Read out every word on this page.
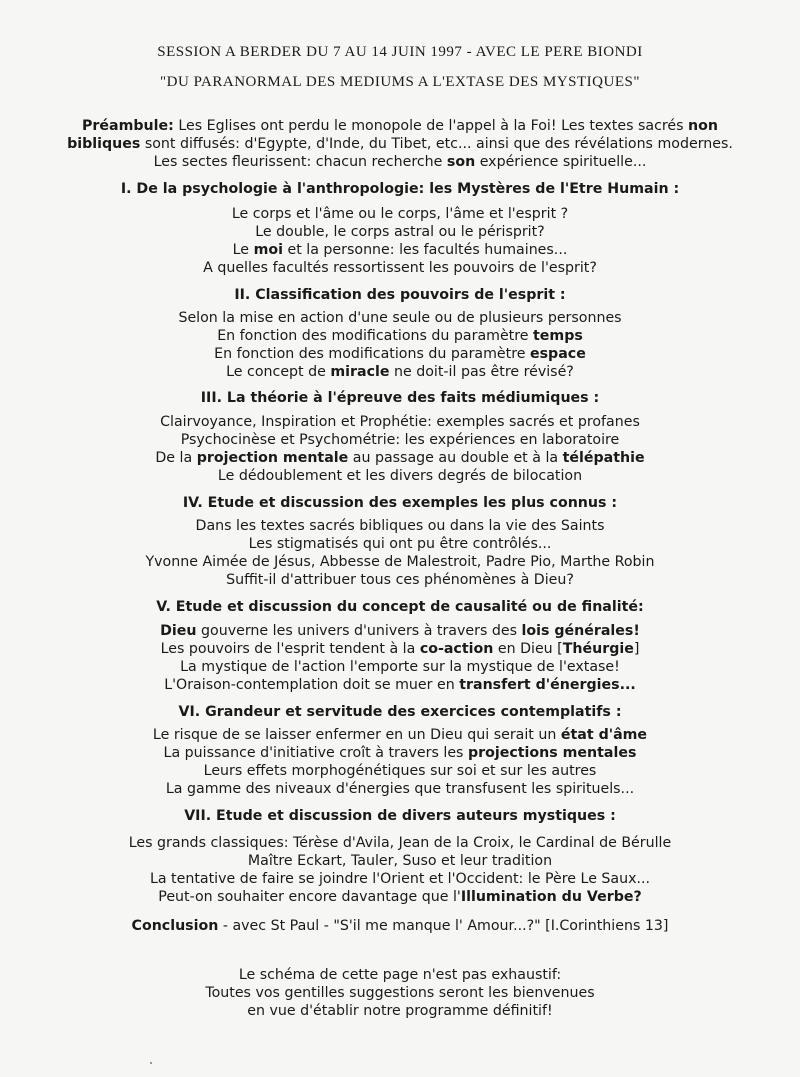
SESSION A BERDER DU 7 AU 14 JUIN 1997 - AVEC LE PERE BIONDI
"DU PARANORMAL DES MEDIUMS A L'EXTASE DES MYSTIQUES"
Préambule: Les Eglises ont perdu le monopole de l'appel à la Foi! Les textes sacrés non
bibliques sont diffusés: d'Egypte, d'Inde, du Tibet, etc... ainsi que des révélations modernes.
Les sectes fleurissent: chacun recherche son expérience spirituelle...
I. De la psychologie à l'anthropologie: les Mystères de l'Etre Humain :
Le corps et l'âme ou le corps, l'âme et l'esprit ?
Le double, le corps astral ou le périsprit?
Le moi et la personne: les facultés humaines...
A quelles facultés ressortissent les pouvoirs de l'esprit?
II. Classification des pouvoirs de l'esprit :
Selon la mise en action d'une seule ou de plusieurs personnes
En fonction des modifications du paramètre temps
En fonction des modifications du paramètre espace
Le concept de miracle ne doit-il pas être révisé?
III. La théorie à l'épreuve des faits médiumiques :
Clairvoyance, Inspiration et Prophétie: exemples sacrés et profanes
Psychocinèse et Psychométrie: les expériences en laboratoire
De la projection mentale au passage au double et à la télépathie
Le dédoublement et les divers degrés de bilocation
IV. Etude et discussion des exemples les plus connus :
Dans les textes sacrés bibliques ou dans la vie des Saints
Les stigmatisés qui ont pu être contrôlés...
Yvonne Aimée de Jésus, Abbesse de Malestroit, Padre Pio, Marthe Robin
Suffit-il d'attribuer tous ces phénomènes à Dieu?
V. Etude et discussion du concept de causalité ou de finalité:
Dieu gouverne les univers d'univers à travers des lois générales!
Les pouvoirs de l'esprit tendent à la co-action en Dieu [Théurgie]
La mystique de l'action l'emporte sur la mystique de l'extase!
L'Oraison-contemplation doit se muer en transfert d'énergies...
VI. Grandeur et servitude des exercices contemplatifs :
Le risque de se laisser enfermer en un Dieu qui serait un état d'âme
La puissance d'initiative croît à travers les projections mentales
Leurs effets morphogénétiques sur soi et sur les autres
La gamme des niveaux d'énergies que transfusent les spirituels...
VII. Etude et discussion de divers auteurs mystiques :
Les grands classiques: Térèse d'Avila, Jean de la Croix, le Cardinal de Bérulle
Maître Eckart, Tauler, Suso et leur tradition
La tentative de faire se joindre l'Orient et l'Occident: le Père Le Saux...
Peut-on souhaiter encore davantage que l'Illumination du Verbe?
Conclusion - avec St Paul - "S'il me manque l' Amour...?" [I.Corinthiens 13]
Le schéma de cette page n'est pas exhaustif:
Toutes vos gentilles suggestions seront les bienvenues
en vue d'établir notre programme définitif!
